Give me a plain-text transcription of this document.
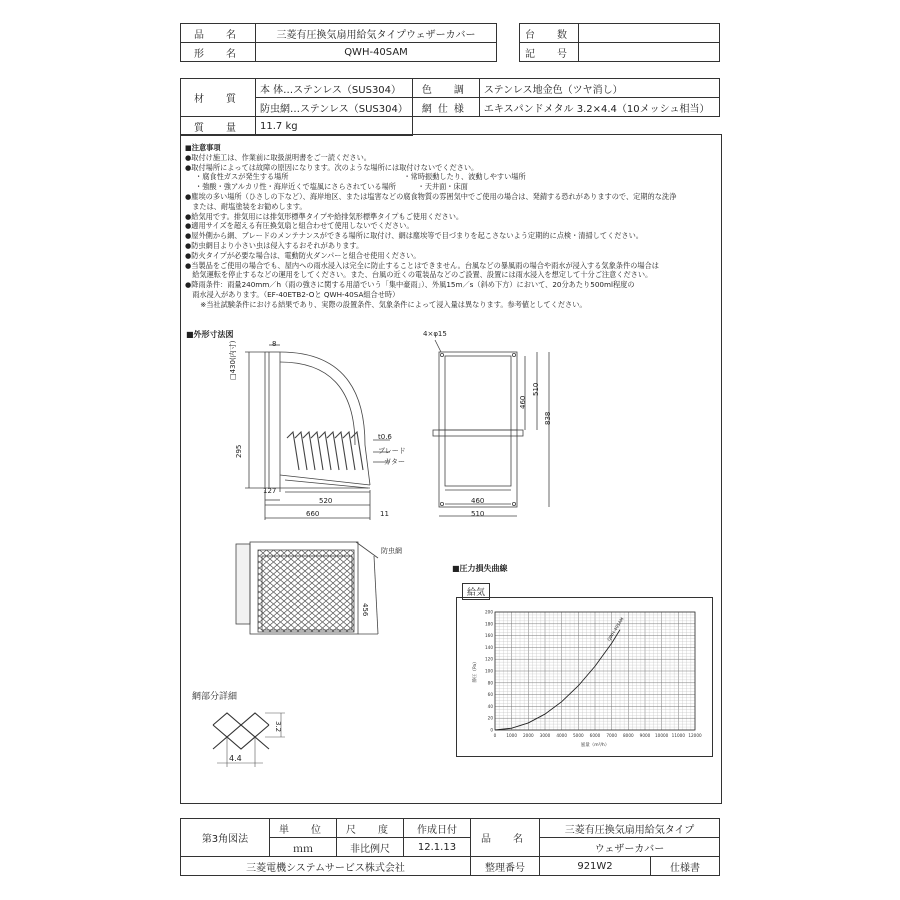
品　名	三菱有圧換気扇用給気タイプウェザーカバー		台　数	
形　名	QWH-40SAM		記　号	
材　質	本 体…ステンレス（SUS304）	色　調	ステンレス地金色（ツヤ消し）
	防虫網…ステンレス（SUS304）	網仕様	エキスパンドメタル 3.2×4.4（10メッシュ相当）
質　量	11.7 kg		
■注意事項
●取付け施工は、作業前に取扱説明書をご一読ください。
●取付場所によっては故障の原因になります。次のような場所には取付けないでください。
・腐食性ガスが発生する場所　　　　　　　　　　　　　　　　・常時振動したり、波動しやすい場所
・強酸・強アルカリ性・海岸近くで塩風にさらされている場所　　　・天井面・床面
●塵埃の多い場所（ひさしの下など）、海岸地区、または塩害などの腐食物質の雰囲気中でご使用の場合は、発錆する恐れがありますので、定期的な洗浄
　または、耐塩塗装をお勧めします。
●給気用です。排気用には排気形標準タイプや給排気形標準タイプもご使用ください。
●適用サイズを超える有圧換気扇と組合わせて使用しないでください。
●屋外側から網、ブレードのメンテナンスができる場所に取付け、網は塵埃等で目づまりを起こさないよう定期的に点検・清掃してください。
●防虫網目より小さい虫は侵入するおそれがあります。
●防火タイプが必要な場合は、電動防火ダンパーと組合せ使用ください。
●当製品をご使用の場合でも、屋内への雨水浸入は完全に防止することはできません。台風などの暴風雨の場合や雨水が浸入する気象条件の場合は
　給気運転を停止するなどの運用をしてください。また、台風の近くの電装品などのご設置、設置には雨水浸入を想定して十分ご注意ください。
●降雨条件：雨量240mm／h（雨の強さに関する用語でいう「集中豪雨」）、外風15m／s（斜め下方）において、20分あたり500ml程度の
　雨水浸入があります。（EF-40ETB2-Oと QWH-40SA組合せ時）
　※当社試験条件における結果であり、実際の設置条件、気象条件によって浸入量は異なります。参考値としてください。
■外形寸法図
8
□430(内寸)
295
127
520
660	11
t0.6
ブレード
ガター
4×φ15
460
510
838
460
510
防虫網
456
網部分詳細
3.2
4.4
■圧力損失曲線
給気
0 1000 2000 3000 4000 5000 6000 7000 8000 9000 10000 11000 12000
0
20
40
60
80
100
120
140
160
180
200
風量（m³/h）
静圧（Pa）
QWH-40SAM
第3角図法	単　位	尺　度	作成日付	品　名	三菱有圧換気扇用給気タイプ	
	ｍｍ	非比例尺	12.1.13		ウェザーカバー	
三菱電機システムサービス株式会社				整理番号	921W2	仕様書
